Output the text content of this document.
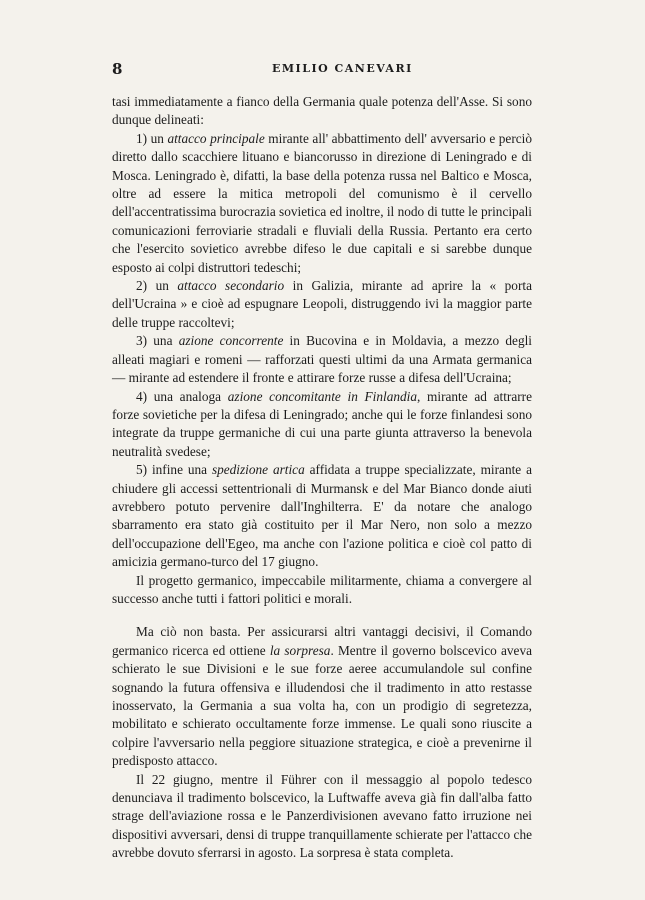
8	EMILIO CANEVARI

tasi immediatamente a fianco della Germania quale potenza dell'Asse. Si sono dunque delineati:

1) un attacco principale mirante all' abbattimento dell' avversario e perciò diretto dallo scacchiere lituano e biancorusso in direzione di Leningrado e di Mosca. Leningrado è, difatti, la base della potenza russa nel Baltico e Mosca, oltre ad essere la mitica metropoli del comunismo è il cervello dell'accentratissima burocrazia sovietica ed inoltre, il nodo di tutte le principali comunicazioni ferroviarie stradali e fluviali della Russia. Pertanto era certo che l'esercito sovietico avrebbe difeso le due capitali e si sarebbe dunque esposto ai colpi distruttori tedeschi;

2) un attacco secondario in Galizia, mirante ad aprire la « porta dell'Ucraina » e cioè ad espugnare Leopoli, distruggendo ivi la maggior parte delle truppe raccoltevi;

3) una azione concorrente in Bucovina e in Moldavia, a mezzo degli alleati magiari e romeni — rafforzati questi ultimi da una Armata germanica — mirante ad estendere il fronte e attirare forze russe a difesa dell'Ucraina;

4) una analoga azione concomitante in Finlandia, mirante ad attrarre forze sovietiche per la difesa di Leningrado; anche qui le forze finlandesi sono integrate da truppe germaniche di cui una parte giunta attraverso la benevola neutralità svedese;

5) infine una spedizione artica affidata a truppe specializzate, mirante a chiudere gli accessi settentrionali di Murmansk e del Mar Bianco donde aiuti avrebbero potuto pervenire dall'Inghilterra. E' da notare che analogo sbarramento era stato già costituito per il Mar Nero, non solo a mezzo dell'occupazione dell'Egeo, ma anche con l'azione politica e cioè col patto di amicizia germano-turco del 17 giugno.

Il progetto germanico, impeccabile militarmente, chiama a convergere al successo anche tutti i fattori politici e morali.

Ma ciò non basta. Per assicurarsi altri vantaggi decisivi, il Comando germanico ricerca ed ottiene la sorpresa. Mentre il governo bolscevico aveva schierato le sue Divisioni e le sue forze aeree accumulandole sul confine sognando la futura offensiva e illudendosi che il tradimento in atto restasse inosservato, la Germania a sua volta ha, con un prodigio di segretezza, mobilitato e schierato occultamente forze immense. Le quali sono riuscite a colpire l'avversario nella peggiore situazione strategica, e cioè a prevenirne il predisposto attacco.

Il 22 giugno, mentre il Führer con il messaggio al popolo tedesco denunciava il tradimento bolscevico, la Luftwaffe aveva già fin dall'alba fatto strage dell'aviazione rossa e le Panzerdivisionen avevano fatto irruzione nei dispositivi avversari, densi di truppe tranquillamente schierate per l'attacco che avrebbe dovuto sferrarsi in agosto. La sorpresa è stata completa.
